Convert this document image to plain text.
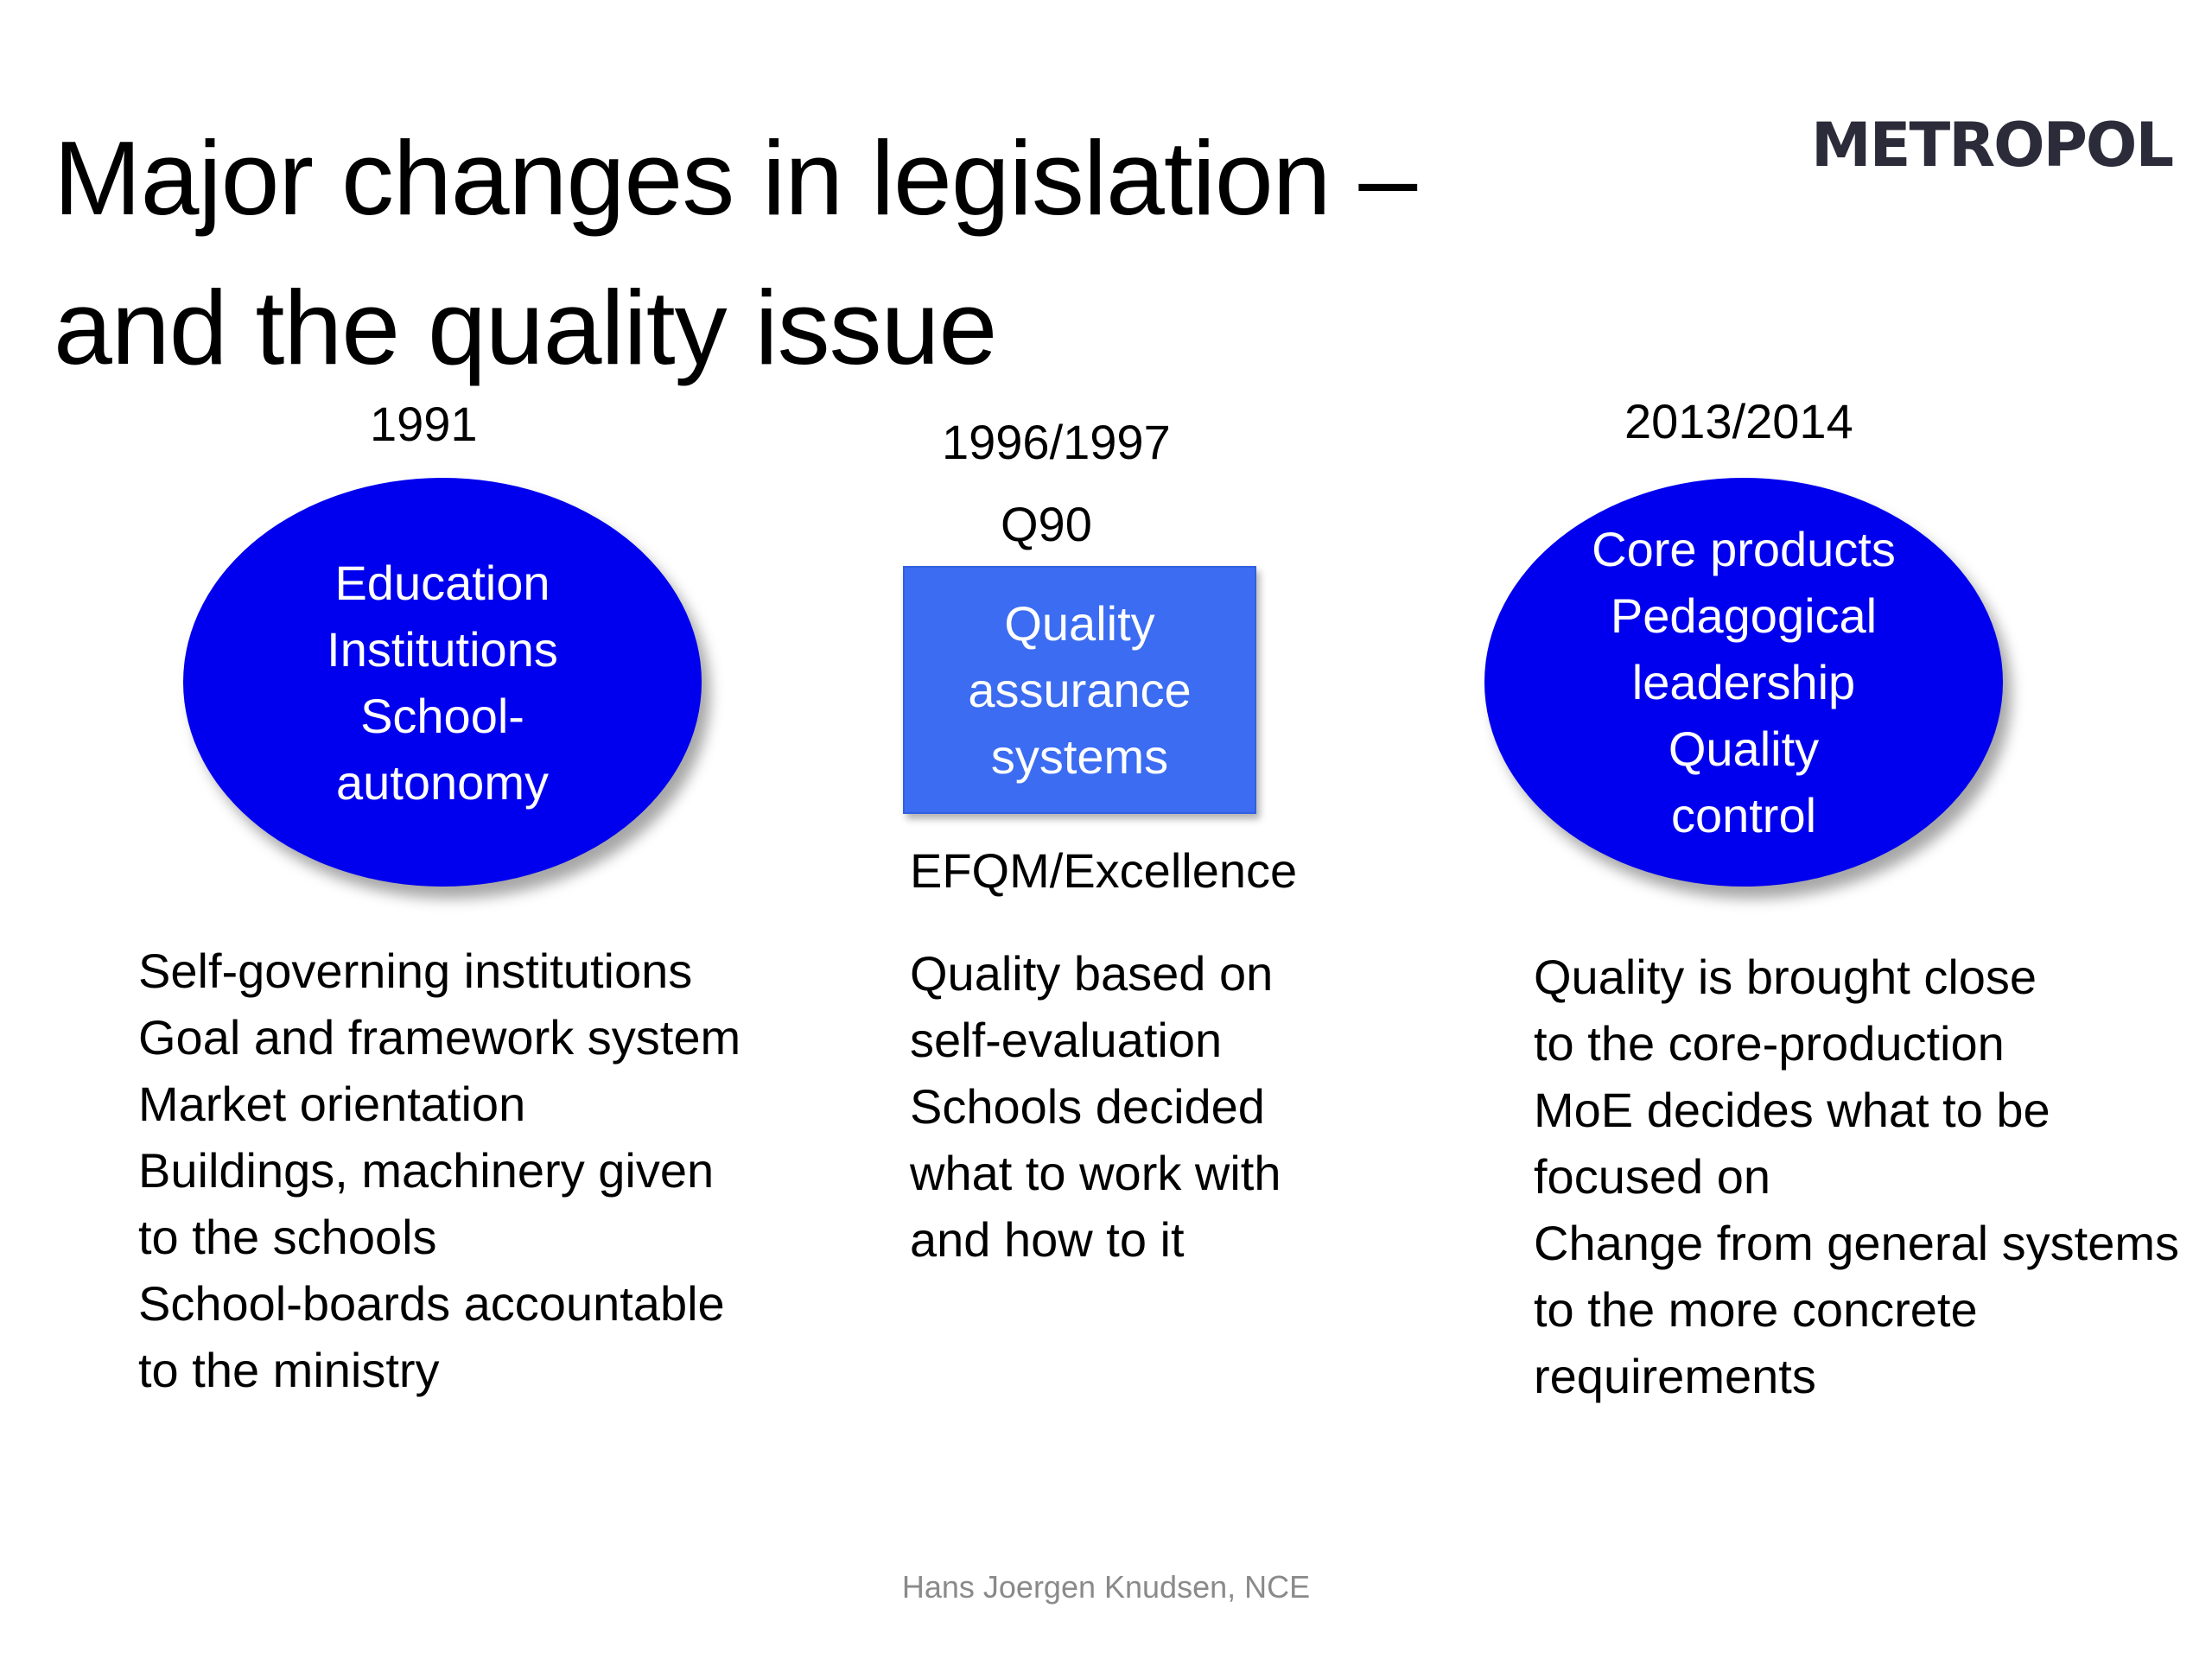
Major changes in legislation –
and the quality issue
METROPOL
1991
Education
Institutions
School-
autonomy
Self-governing institutions
Goal and framework system
Market orientation
Buildings, machinery given
to the schools
School-boards accountable
to the ministry
1996/1997
Q90
Quality
assurance
systems
EFQM/Excellence
Quality based on
self-evaluation
Schools decided
what to work with
and how to it
2013/2014
Core products
Pedagogical
leadership
Quality
control
Quality is brought close
to the core-production
MoE decides what to be
focused on
Change from general systems
to the more concrete
requirements
Hans Joergen Knudsen, NCE
